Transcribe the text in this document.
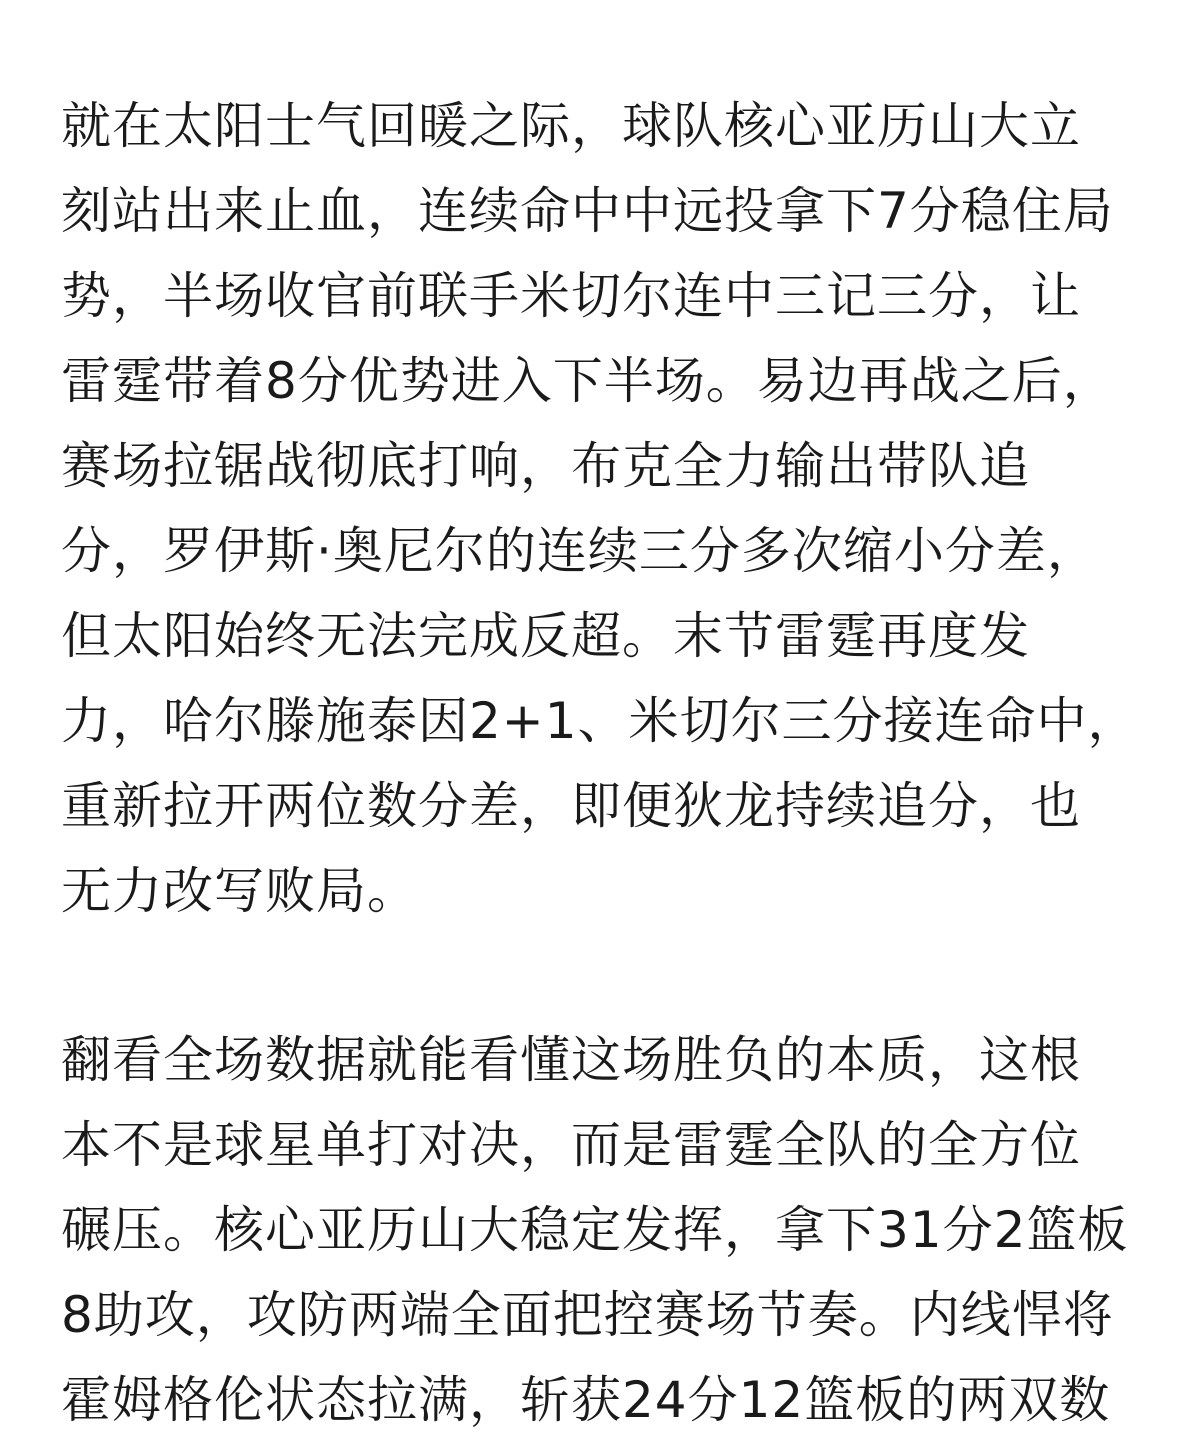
就在太阳士气回暖之际，球队核心亚历山大立
刻站出来止血，连续命中中远投拿下7分稳住局
势，半场收官前联手米切尔连中三记三分，让
雷霆带着8分优势进入下半场。易边再战之后，
赛场拉锯战彻底打响，布克全力输出带队追
分，罗伊斯·奥尼尔的连续三分多次缩小分差，
但太阳始终无法完成反超。末节雷霆再度发
力，哈尔滕施泰因2+1、米切尔三分接连命中，
重新拉开两位数分差，即便狄龙持续追分，也
无力改写败局。

翻看全场数据就能看懂这场胜负的本质，这根
本不是球星单打对决，而是雷霆全队的全方位
碾压。核心亚历山大稳定发挥，拿下31分2篮板
8助攻，攻防两端全面把控赛场节奏。内线悍将
霍姆格伦状态拉满，斩获24分12篮板的两双数
